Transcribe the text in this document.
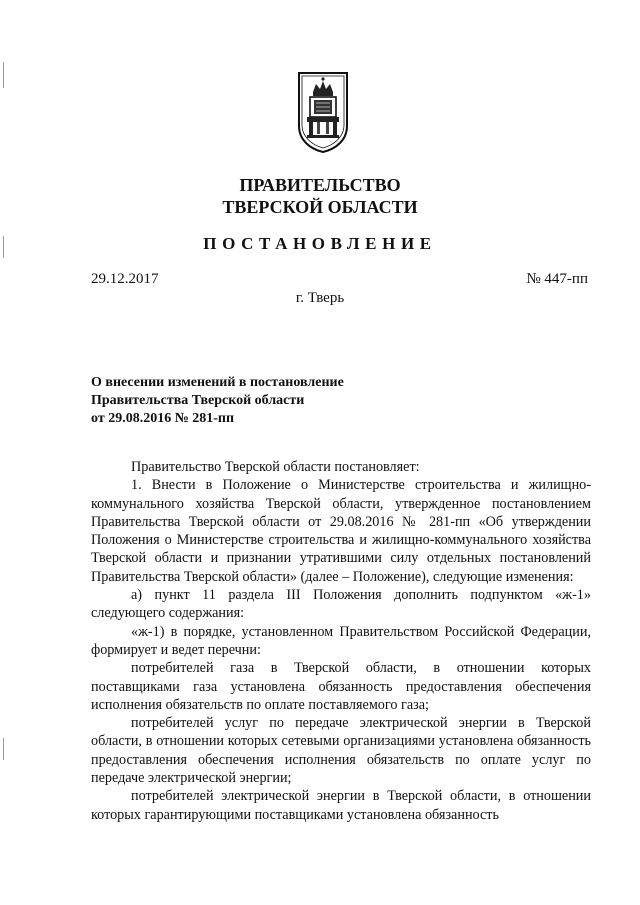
ПРАВИТЕЛЬСТВО
ТВЕРСКОЙ ОБЛАСТИ
ПОСТАНОВЛЕНИЕ
29.12.2017	№ 447-пп
г. Тверь
О внесении изменений в постановление
Правительства Тверской области
от 29.08.2016 № 281-пп

Правительство Тверской области постановляет:

1. Внести в Положение о Министерстве строительства и жилищно-коммунального хозяйства Тверской области, утвержденное постановлением Правительства Тверской области от 29.08.2016 № 281-пп «Об утверждении Положения о Министерстве строительства и жилищно-коммунального хозяйства Тверской области и признании утратившими силу отдельных постановлений Правительства Тверской области» (далее – Положение), следующие изменения:

а) пункт 11 раздела III Положения дополнить подпунктом «ж-1» следующего содержания:

«ж-1) в порядке, установленном Правительством Российской Федерации, формирует и ведет перечни:

потребителей газа в Тверской области, в отношении которых поставщиками газа установлена обязанность предоставления обеспечения исполнения обязательств по оплате поставляемого газа;

потребителей услуг по передаче электрической энергии в Тверской области, в отношении которых сетевыми организациями установлена обязанность предоставления обеспечения исполнения обязательств по оплате услуг по передаче электрической энергии;

потребителей электрической энергии в Тверской области, в отношении которых гарантирующими поставщиками установлена обязанность
